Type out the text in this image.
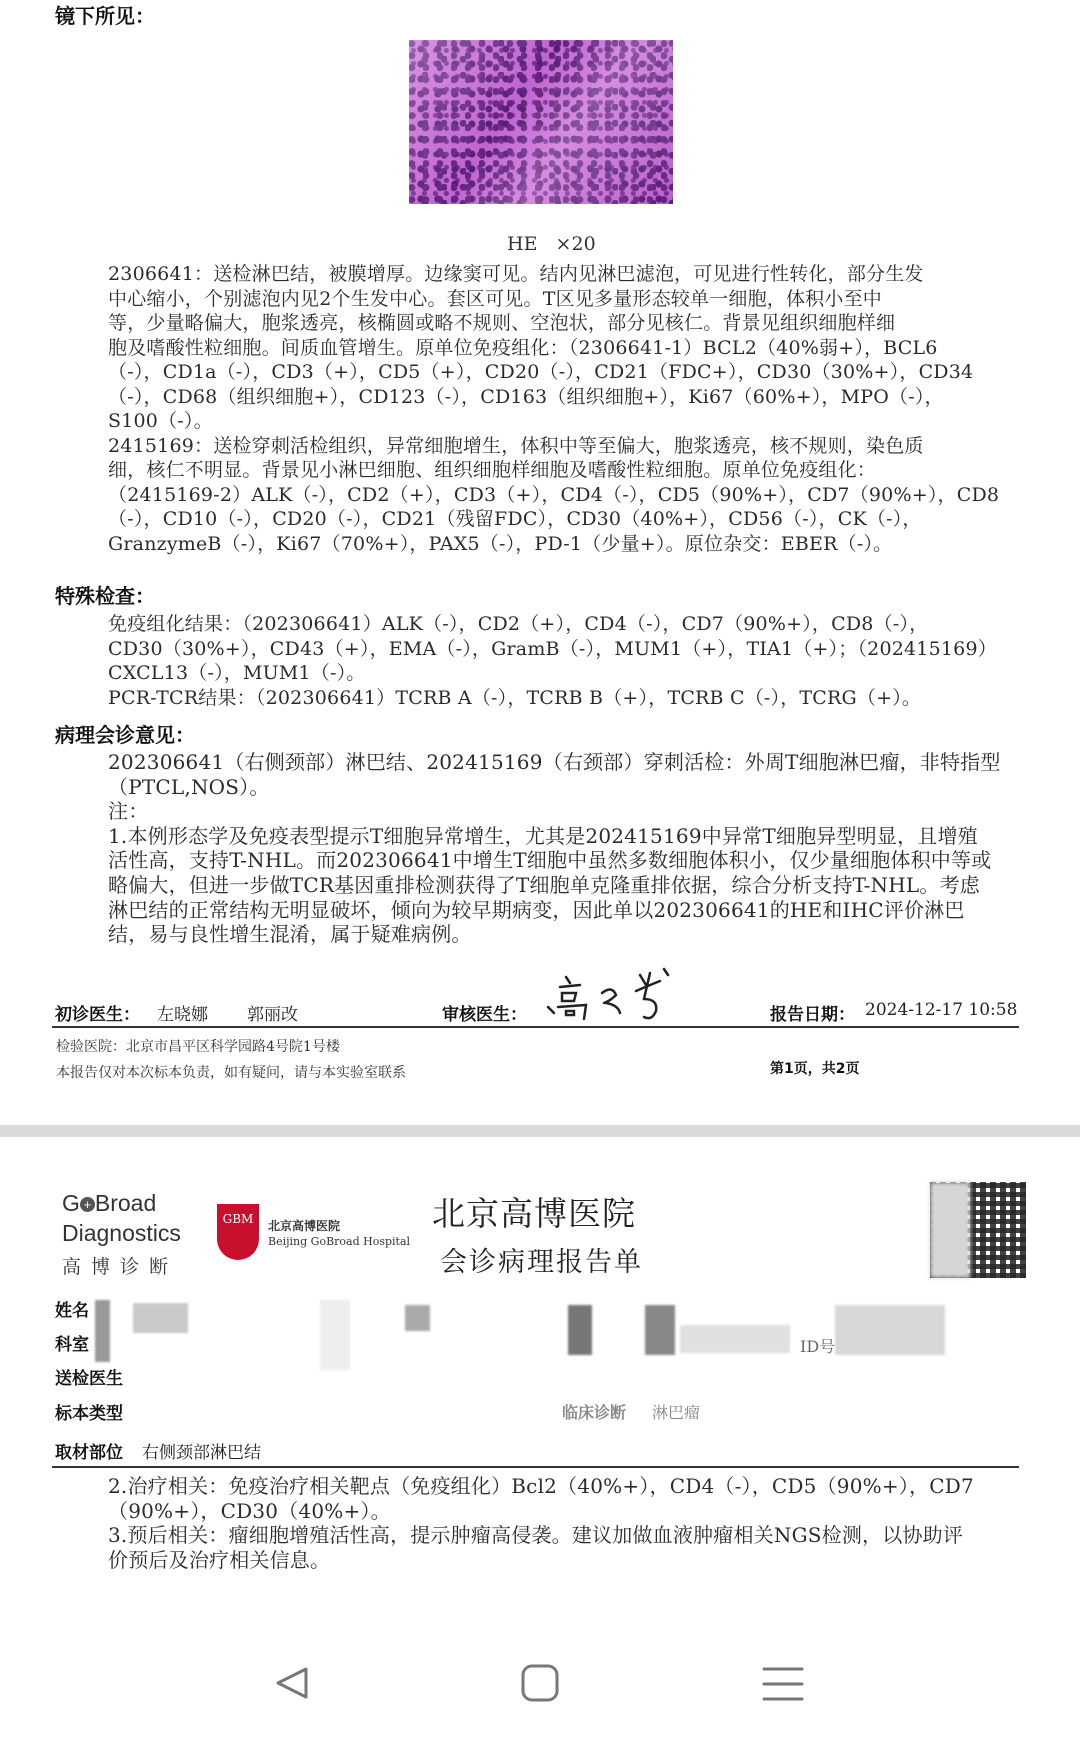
镜下所见：
HE   ×20
2306641：送检淋巴结，被膜增厚。边缘窦可见。结内见淋巴滤泡，可见进行性转化，部分生发
中心缩小，个别滤泡内见2个生发中心。套区可见。T区见多量形态较单一细胞，体积小至中
等，少量略偏大，胞浆透亮，核椭圆或略不规则、空泡状，部分见核仁。背景见组织细胞样细
胞及嗜酸性粒细胞。间质血管增生。原单位免疫组化：（2306641-1）BCL2（40%弱+），BCL6
（-），CD1a（-），CD3（+），CD5（+），CD20（-），CD21（FDC+），CD30（30%+），CD34
（-），CD68（组织细胞+），CD123（-），CD163（组织细胞+），Ki67（60%+），MPO（-），
S100（-）。
2415169：送检穿刺活检组织，异常细胞增生，体积中等至偏大，胞浆透亮，核不规则，染色质
细，核仁不明显。背景见小淋巴细胞、组织细胞样细胞及嗜酸性粒细胞。原单位免疫组化：
（2415169-2）ALK（-），CD2（+），CD3（+），CD4（-），CD5（90%+），CD7（90%+），CD8
（-），CD10（-），CD20（-），CD21（残留FDC），CD30（40%+），CD56（-），CK（-），
GranzymeB（-），Ki67（70%+），PAX5（-），PD-1（少量+）。原位杂交：EBER（-）。
特殊检查：
免疫组化结果：（202306641）ALK（-），CD2（+），CD4（-），CD7（90%+），CD8（-），
CD30（30%+），CD43（+），EMA（-），GramB（-），MUM1（+），TIA1（+）；（202415169）
CXCL13（-），MUM1（-）。
PCR-TCR结果：（202306641）TCRB A（-），TCRB B（+），TCRB C（-），TCRG（+）。
病理会诊意见：
202306641（右侧颈部）淋巴结、202415169（右颈部）穿刺活检：外周T细胞淋巴瘤，非特指型
（PTCL,NOS）。
注：
1.本例形态学及免疫表型提示T细胞异常增生，尤其是202415169中异常T细胞异型明显，且增殖
活性高，支持T-NHL。而202306641中增生T细胞中虽然多数细胞体积小，仅少量细胞体积中等或
略偏大，但进一步做TCR基因重排检测获得了T细胞单克隆重排依据，综合分析支持T-NHL。考虑
淋巴结的正常结构无明显破坏，倾向为较早期病变，因此单以202306641的HE和IHC评价淋巴
结，易与良性增生混淆，属于疑难病例。
初诊医生： 左晓娜 郭丽改	审核医生：	报告日期： 2024-12-17 10:58
检验医院：北京市昌平区科学园路4号院1号楼
本报告仅对本次标本负责，如有疑问，请与本实验室联系	第1页，共2页
G + Broad
Diagnostics
高 博 诊 断
GBM	北京高博医院
Beijing GoBroad Hospital
北京高博医院
会诊病理报告单
姓名
科室
送检医生
标本类型
取材部位 右侧颈部淋巴结
ID号
临床诊断 淋巴瘤
2.治疗相关：免疫治疗相关靶点（免疫组化）Bcl2（40%+），CD4（-），CD5（90%+），CD7
（90%+），CD30（40%+）。
3.预后相关：瘤细胞增殖活性高，提示肿瘤高侵袭。建议加做血液肿瘤相关NGS检测，以协助评
价预后及治疗相关信息。
